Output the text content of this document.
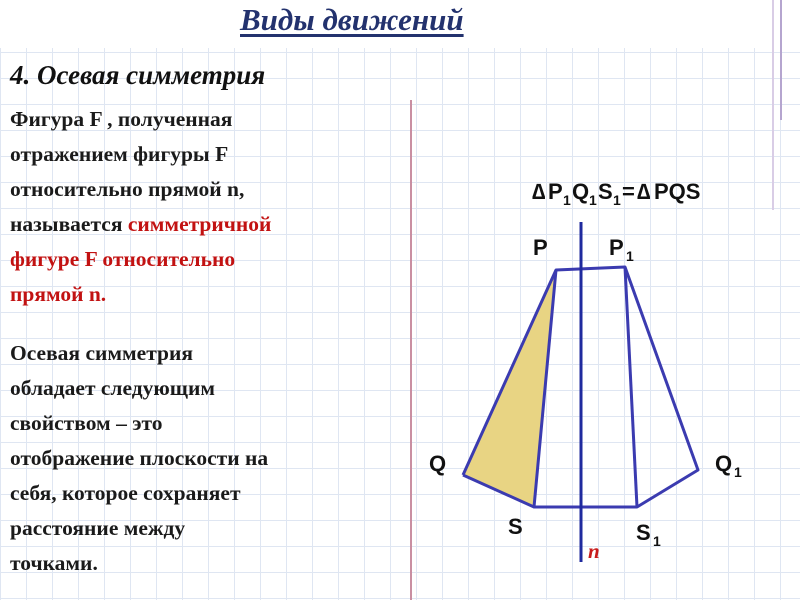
Виды движений
4. Осевая симметрия
Фигура F , полученная
отражением фигуры F
относительно прямой n,
называется симметричной
фигуре F относительно
прямой n.
Осевая симметрия
обладает следующим
свойством – это
отображение плоскости на
себя, которое сохраняет
расстояние между
точками.
∆ P 1 Q 1 S 1 = ∆ PQS
n
P	P 1
Q	Q 1
S	S 1
